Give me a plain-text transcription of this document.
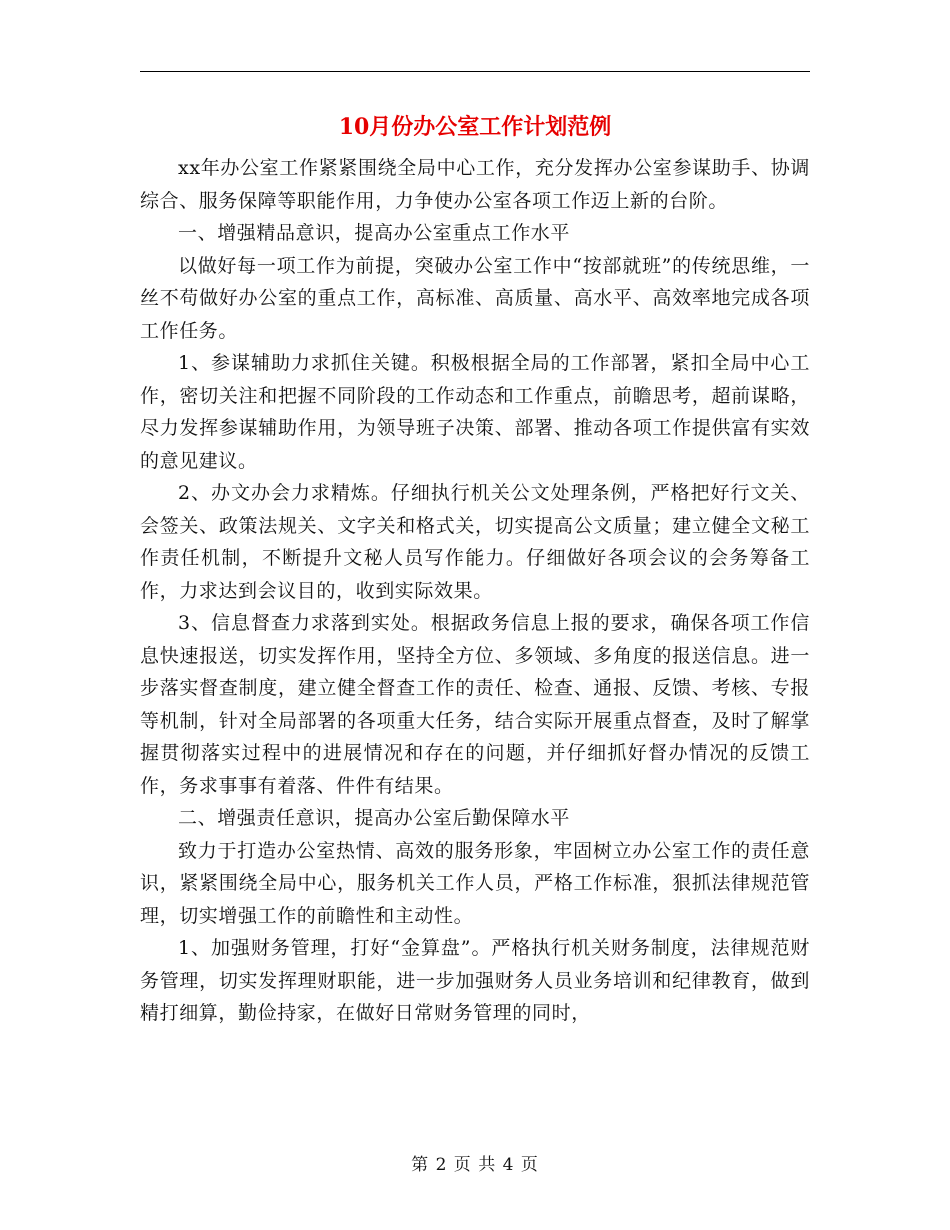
10月份办公室工作计划范例

xx年办公室工作紧紧围绕全局中心工作，充分发挥办公室参谋助手、协调综合、服务保障等职能作用，力争使办公室各项工作迈上新的台阶。

一、增强精品意识，提高办公室重点工作水平

以做好每一项工作为前提，突破办公室工作中“按部就班”的传统思维，一丝不苟做好办公室的重点工作，高标准、高质量、高水平、高效率地完成各项工作任务。

1、参谋辅助力求抓住关键。积极根据全局的工作部署，紧扣全局中心工作，密切关注和把握不同阶段的工作动态和工作重点，前瞻思考，超前谋略，尽力发挥参谋辅助作用，为领导班子决策、部署、推动各项工作提供富有实效的意见建议。

2、办文办会力求精炼。仔细执行机关公文处理条例，严格把好行文关、会签关、政策法规关、文字关和格式关，切实提高公文质量；建立健全文秘工作责任机制，不断提升文秘人员写作能力。仔细做好各项会议的会务筹备工作，力求达到会议目的，收到实际效果。

3、信息督查力求落到实处。根据政务信息上报的要求，确保各项工作信息快速报送，切实发挥作用，坚持全方位、多领域、多角度的报送信息。进一步落实督查制度，建立健全督查工作的责任、检查、通报、反馈、考核、专报等机制，针对全局部署的各项重大任务，结合实际开展重点督查，及时了解掌握贯彻落实过程中的进展情况和存在的问题，并仔细抓好督办情况的反馈工作，务求事事有着落、件件有结果。

二、增强责任意识，提高办公室后勤保障水平

致力于打造办公室热情、高效的服务形象，牢固树立办公室工作的责任意识，紧紧围绕全局中心，服务机关工作人员，严格工作标准，狠抓法律规范管理，切实增强工作的前瞻性和主动性。

1、加强财务管理，打好“金算盘”。严格执行机关财务制度，法律规范财务管理，切实发挥理财职能，进一步加强财务人员业务培训和纪律教育，做到精打细算，勤俭持家，在做好日常财务管理的同时，

第 2 页 共 4 页
